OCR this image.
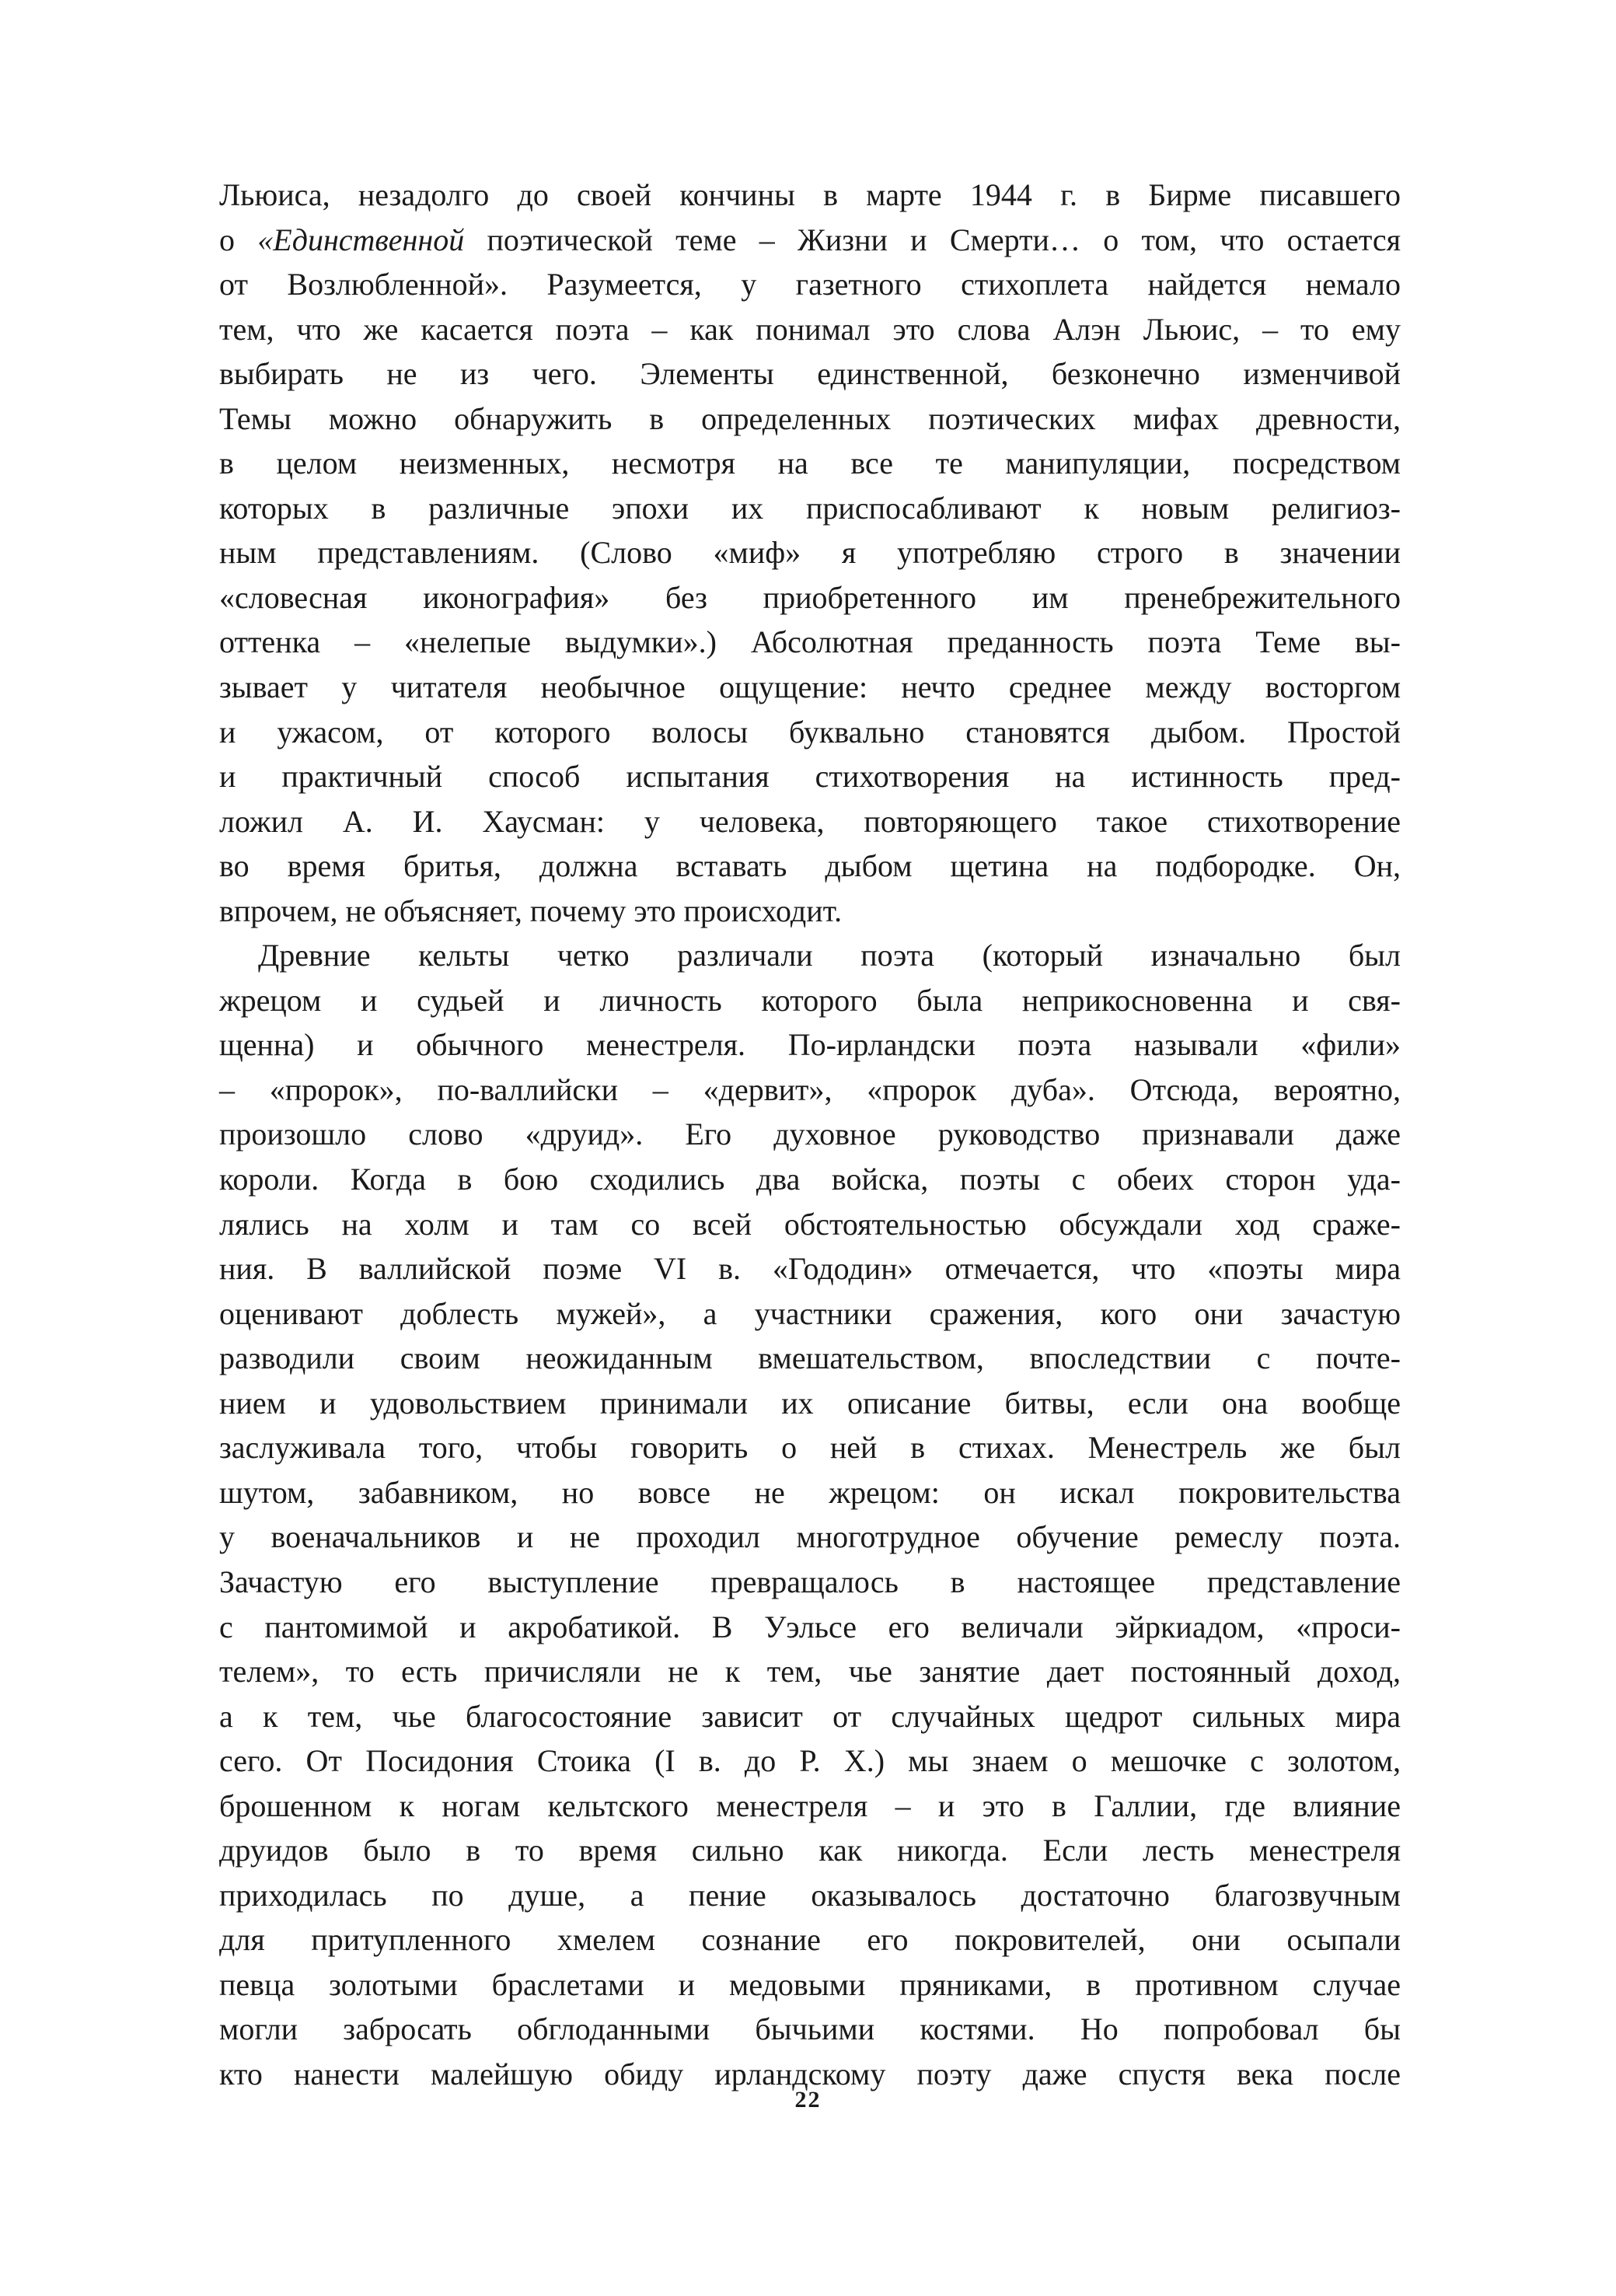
Льюиса, незадолго до своей кончины в марте 1944 г. в Бирме писавшего
о «Единственной поэтической теме – Жизни и Смерти… о том, что остается
от Возлюбленной». Разумеется, у газетного стихоплета найдется немало
тем, что же касается поэта – как понимал это слова Алэн Льюис, – то ему
выбирать не из чего. Элементы единственной, безконечно изменчивой
Темы можно обнаружить в определенных поэтических мифах древности,
в целом неизменных, несмотря на все те манипуляции, посредством
которых в различные эпохи их приспосабливают к новым религиоз-
ным представлениям. (Слово «миф» я употребляю строго в значении
«словесная иконография» без приобретенного им пренебрежительного
оттенка – «нелепые выдумки».) Абсолютная преданность поэта Теме вы-
зывает у читателя необычное ощущение: нечто среднее между восторгом
и ужасом, от которого волосы буквально становятся дыбом. Простой
и практичный способ испытания стихотворения на истинность пред-
ложил А. И. Хаусман: у человека, повторяющего такое стихотворение
во время бритья, должна вставать дыбом щетина на подбородке. Он,
впрочем, не объясняет, почему это происходит.
Древние кельты четко различали поэта (который изначально был
жрецом и судьей и личность которого была неприкосновенна и свя-
щенна) и обычного менестреля. По-ирландски поэта называли «фили»
– «пророк», по-валлийски – «дервит», «пророк дуба». Отсюда, вероятно,
произошло слово «друид». Его духовное руководство признавали даже
короли. Когда в бою сходились два войска, поэты с обеих сторон уда-
лялись на холм и там со всей обстоятельностью обсуждали ход сраже-
ния. В валлийской поэме VI в. «Гододин» отмечается, что «поэты мира
оценивают доблесть мужей», а участники сражения, кого они зачастую
разводили своим неожиданным вмешательством, впоследствии с почте-
нием и удовольствием принимали их описание битвы, если она вообще
заслуживала того, чтобы говорить о ней в стихах. Менестрель же был
шутом, забавником, но вовсе не жрецом: он искал покровительства
у военачальников и не проходил многотрудное обучение ремеслу поэта.
Зачастую его выступление превращалось в настоящее представление
с пантомимой и акробатикой. В Уэльсе его величали эйркиадом, «проси-
телем», то есть причисляли не к тем, чье занятие дает постоянный доход,
а к тем, чье благосостояние зависит от случайных щедрот сильных мира
сего. От Посидония Стоика (I в. до Р. Х.) мы знаем о мешочке с золотом,
брошенном к ногам кельтского менестреля – и это в Галлии, где влияние
друидов было в то время сильно как никогда. Если лесть менестреля
приходилась по душе, а пение оказывалось достаточно благозвучным
для притупленного хмелем сознание его покровителей, они осыпали
певца золотыми браслетами и медовыми пряниками, в противном случае
могли забросать обглоданными бычьими костями. Но попробовал бы
кто нанести малейшую обиду ирландскому поэту даже спустя века после
22
